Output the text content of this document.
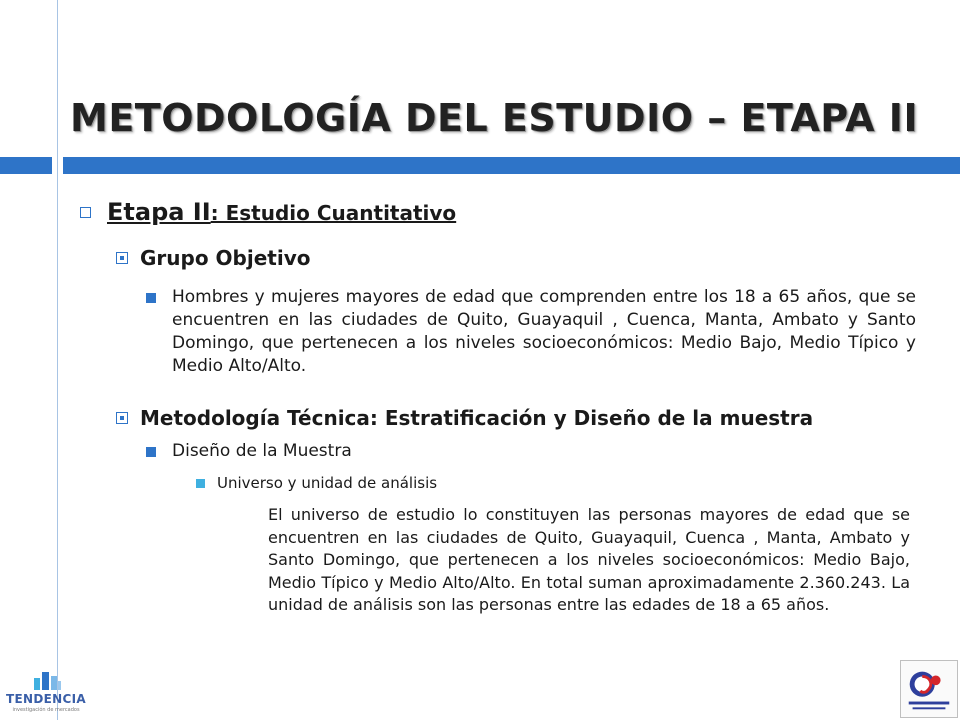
METODOLOGÍA DEL ESTUDIO – ETAPA II
Etapa II: Estudio Cuantitativo
Grupo Objetivo
Hombres y mujeres mayores de edad que comprenden entre los 18 a 65 años, que se encuentren en las ciudades de Quito, Guayaquil , Cuenca, Manta, Ambato y Santo Domingo, que pertenecen a los niveles socioeconómicos: Medio Bajo, Medio Típico y Medio Alto/Alto.
Metodología Técnica: Estratificación y Diseño de la muestra
Diseño de la Muestra
Universo y unidad de análisis
El universo de estudio lo constituyen las personas mayores de edad que se encuentren en las ciudades de Quito, Guayaquil, Cuenca , Manta, Ambato y Santo Domingo, que pertenecen a los niveles socioeconómicos: Medio Bajo, Medio Típico y Medio Alto/Alto. En total suman aproximadamente 2.360.243. La unidad de análisis son las personas entre las edades de 18 a 65 años.
TENDENCIA
investigación de mercados
